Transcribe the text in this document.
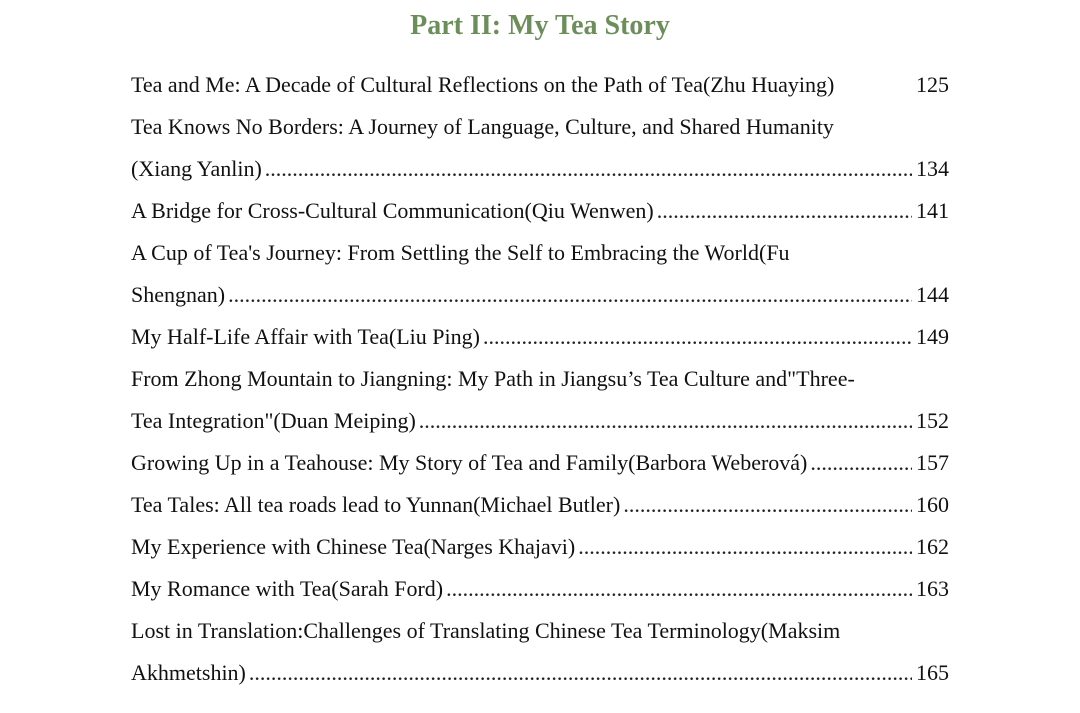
Part II: My Tea Story
Tea and Me: A Decade of Cultural Reflections on the Path of Tea(Zhu Huaying)	125
Tea Knows No Borders: A Journey of Language, Culture, and Shared Humanity
(Xiang Yanlin) .....	134
A Bridge for Cross-Cultural Communication(Qiu Wenwen) .....	141
A Cup of Tea's Journey: From Settling the Self to Embracing the World(Fu
Shengnan) .....	144
My Half-Life Affair with Tea(Liu Ping) .....	149
From Zhong Mountain to Jiangning: My Path in Jiangsu’s Tea Culture and"Three-
Tea Integration"(Duan Meiping) .....	152
Growing Up in a Teahouse: My Story of Tea and Family(Barbora Weberová) .....	157
Tea Tales: All tea roads lead to Yunnan(Michael Butler) .....	160
My Experience with Chinese Tea(Narges Khajavi) .....	162
My Romance with Tea(Sarah Ford) .....	163
Lost in Translation:Challenges of Translating Chinese Tea Terminology(Maksim
Akhmetshin) .....	165
